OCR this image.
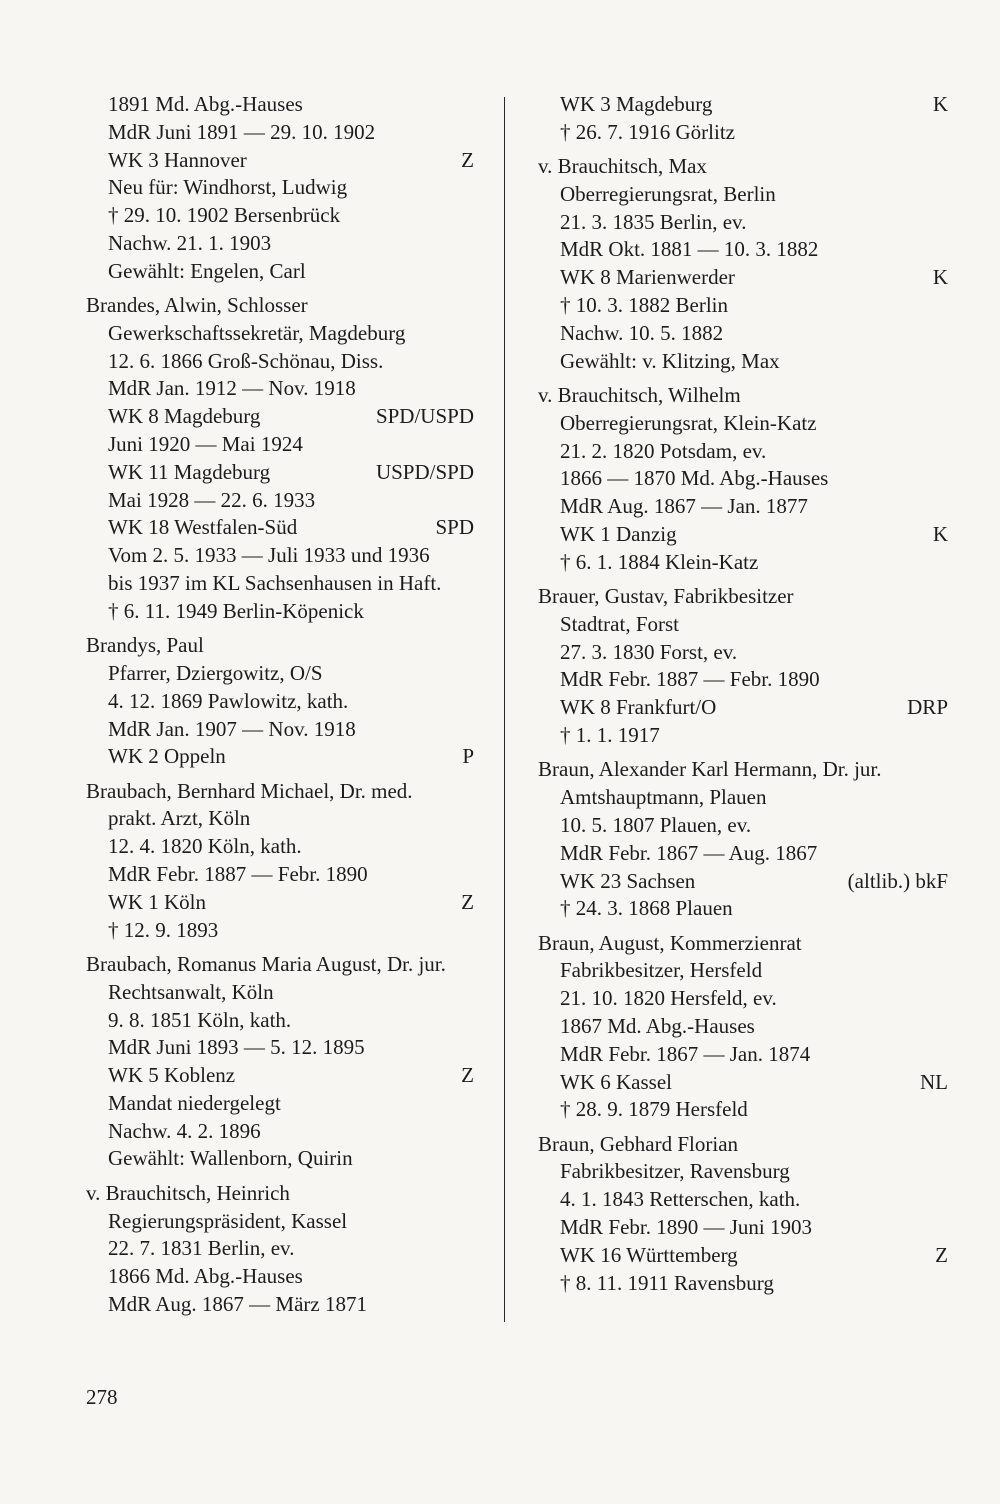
1891 Md. Abg.-Hauses
MdR Juni 1891 — 29. 10. 1902
WK 3 Hannover	Z
Neu für: Windhorst, Ludwig
† 29. 10. 1902 Bersenbrück
Nachw. 21. 1. 1903
Gewählt: Engelen, Carl
Brandes, Alwin, Schlosser
Gewerkschaftssekretär, Magdeburg
12. 6. 1866 Groß-Schönau, Diss.
MdR Jan. 1912 — Nov. 1918
WK 8 Magdeburg	SPD/USPD
Juni 1920 — Mai 1924
WK 11 Magdeburg	USPD/SPD
Mai 1928 — 22. 6. 1933
WK 18 Westfalen-Süd	SPD
Vom 2. 5. 1933 — Juli 1933 und 1936
bis 1937 im KL Sachsenhausen in Haft.
† 6. 11. 1949 Berlin-Köpenick
Brandys, Paul
Pfarrer, Dziergowitz, O/S
4. 12. 1869 Pawlowitz, kath.
MdR Jan. 1907 — Nov. 1918
WK 2 Oppeln	P
Braubach, Bernhard Michael, Dr. med.
prakt. Arzt, Köln
12. 4. 1820 Köln, kath.
MdR Febr. 1887 — Febr. 1890
WK 1 Köln	Z
† 12. 9. 1893
Braubach, Romanus Maria August, Dr. jur.
Rechtsanwalt, Köln
9. 8. 1851 Köln, kath.
MdR Juni 1893 — 5. 12. 1895
WK 5 Koblenz	Z
Mandat niedergelegt
Nachw. 4. 2. 1896
Gewählt: Wallenborn, Quirin
v. Brauchitsch, Heinrich
Regierungspräsident, Kassel
22. 7. 1831 Berlin, ev.
1866 Md. Abg.-Hauses
MdR Aug. 1867 — März 1871
WK 3 Magdeburg	K
† 26. 7. 1916 Görlitz
v. Brauchitsch, Max
Oberregierungsrat, Berlin
21. 3. 1835 Berlin, ev.
MdR Okt. 1881 — 10. 3. 1882
WK 8 Marienwerder	K
† 10. 3. 1882 Berlin
Nachw. 10. 5. 1882
Gewählt: v. Klitzing, Max
v. Brauchitsch, Wilhelm
Oberregierungsrat, Klein-Katz
21. 2. 1820 Potsdam, ev.
1866 — 1870 Md. Abg.-Hauses
MdR Aug. 1867 — Jan. 1877
WK 1 Danzig	K
† 6. 1. 1884 Klein-Katz
Brauer, Gustav, Fabrikbesitzer
Stadtrat, Forst
27. 3. 1830 Forst, ev.
MdR Febr. 1887 — Febr. 1890
WK 8 Frankfurt/O	DRP
† 1. 1. 1917
Braun, Alexander Karl Hermann, Dr. jur.
Amtshauptmann, Plauen
10. 5. 1807 Plauen, ev.
MdR Febr. 1867 — Aug. 1867
WK 23 Sachsen	(altlib.) bkF
† 24. 3. 1868 Plauen
Braun, August, Kommerzienrat
Fabrikbesitzer, Hersfeld
21. 10. 1820 Hersfeld, ev.
1867 Md. Abg.-Hauses
MdR Febr. 1867 — Jan. 1874
WK 6 Kassel	NL
† 28. 9. 1879 Hersfeld
Braun, Gebhard Florian
Fabrikbesitzer, Ravensburg
4. 1. 1843 Retterschen, kath.
MdR Febr. 1890 — Juni 1903
WK 16 Württemberg	Z
† 8. 11. 1911 Ravensburg
278
